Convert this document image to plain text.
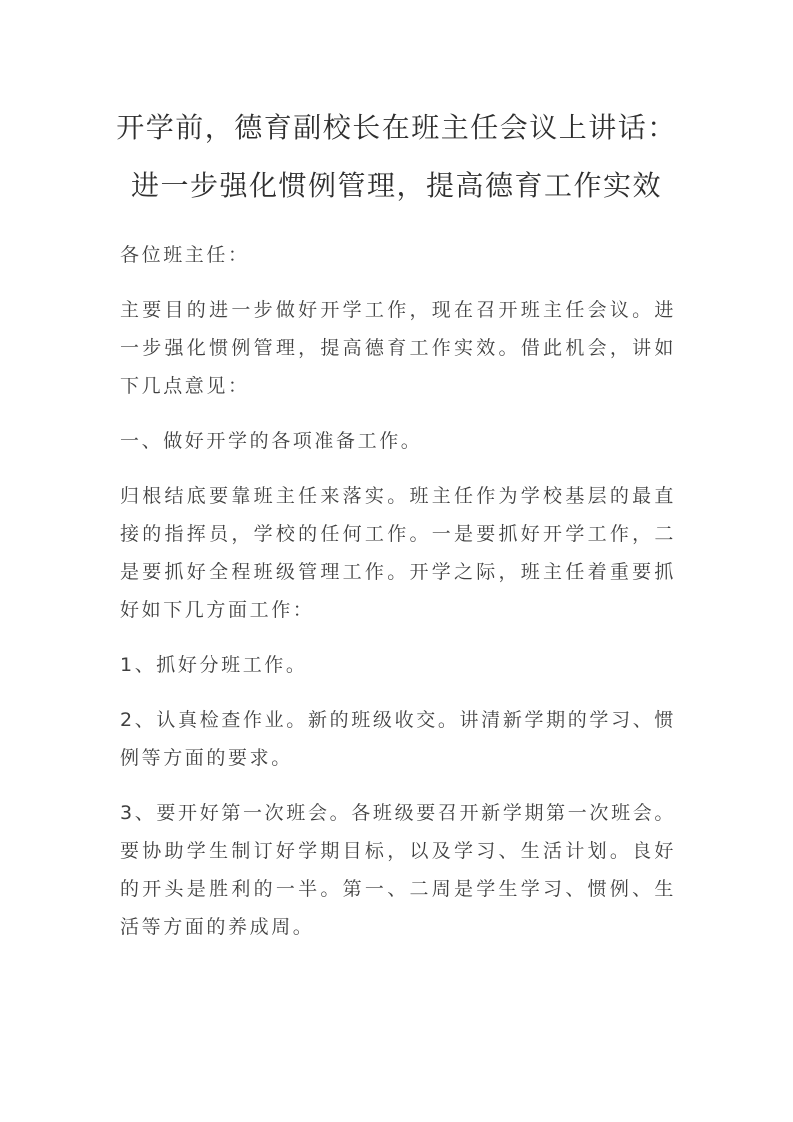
开学前，德育副校长在班主任会议上讲话：
进一步强化惯例管理，提高德育工作实效

各位班主任：

主要目的进一步做好开学工作，现在召开班主任会议。进一步强化惯例管理，提高德育工作实效。借此机会，讲如下几点意见：

一、做好开学的各项准备工作。

归根结底要靠班主任来落实。班主任作为学校基层的最直接的指挥员，学校的任何工作。一是要抓好开学工作，二是要抓好全程班级管理工作。开学之际，班主任着重要抓好如下几方面工作：

1、抓好分班工作。

2、认真检查作业。新的班级收交。讲清新学期的学习、惯例等方面的要求。

3、要开好第一次班会。各班级要召开新学期第一次班会。要协助学生制订好学期目标，以及学习、生活计划。良好的开头是胜利的一半。第一、二周是学生学习、惯例、生活等方面的养成周。
